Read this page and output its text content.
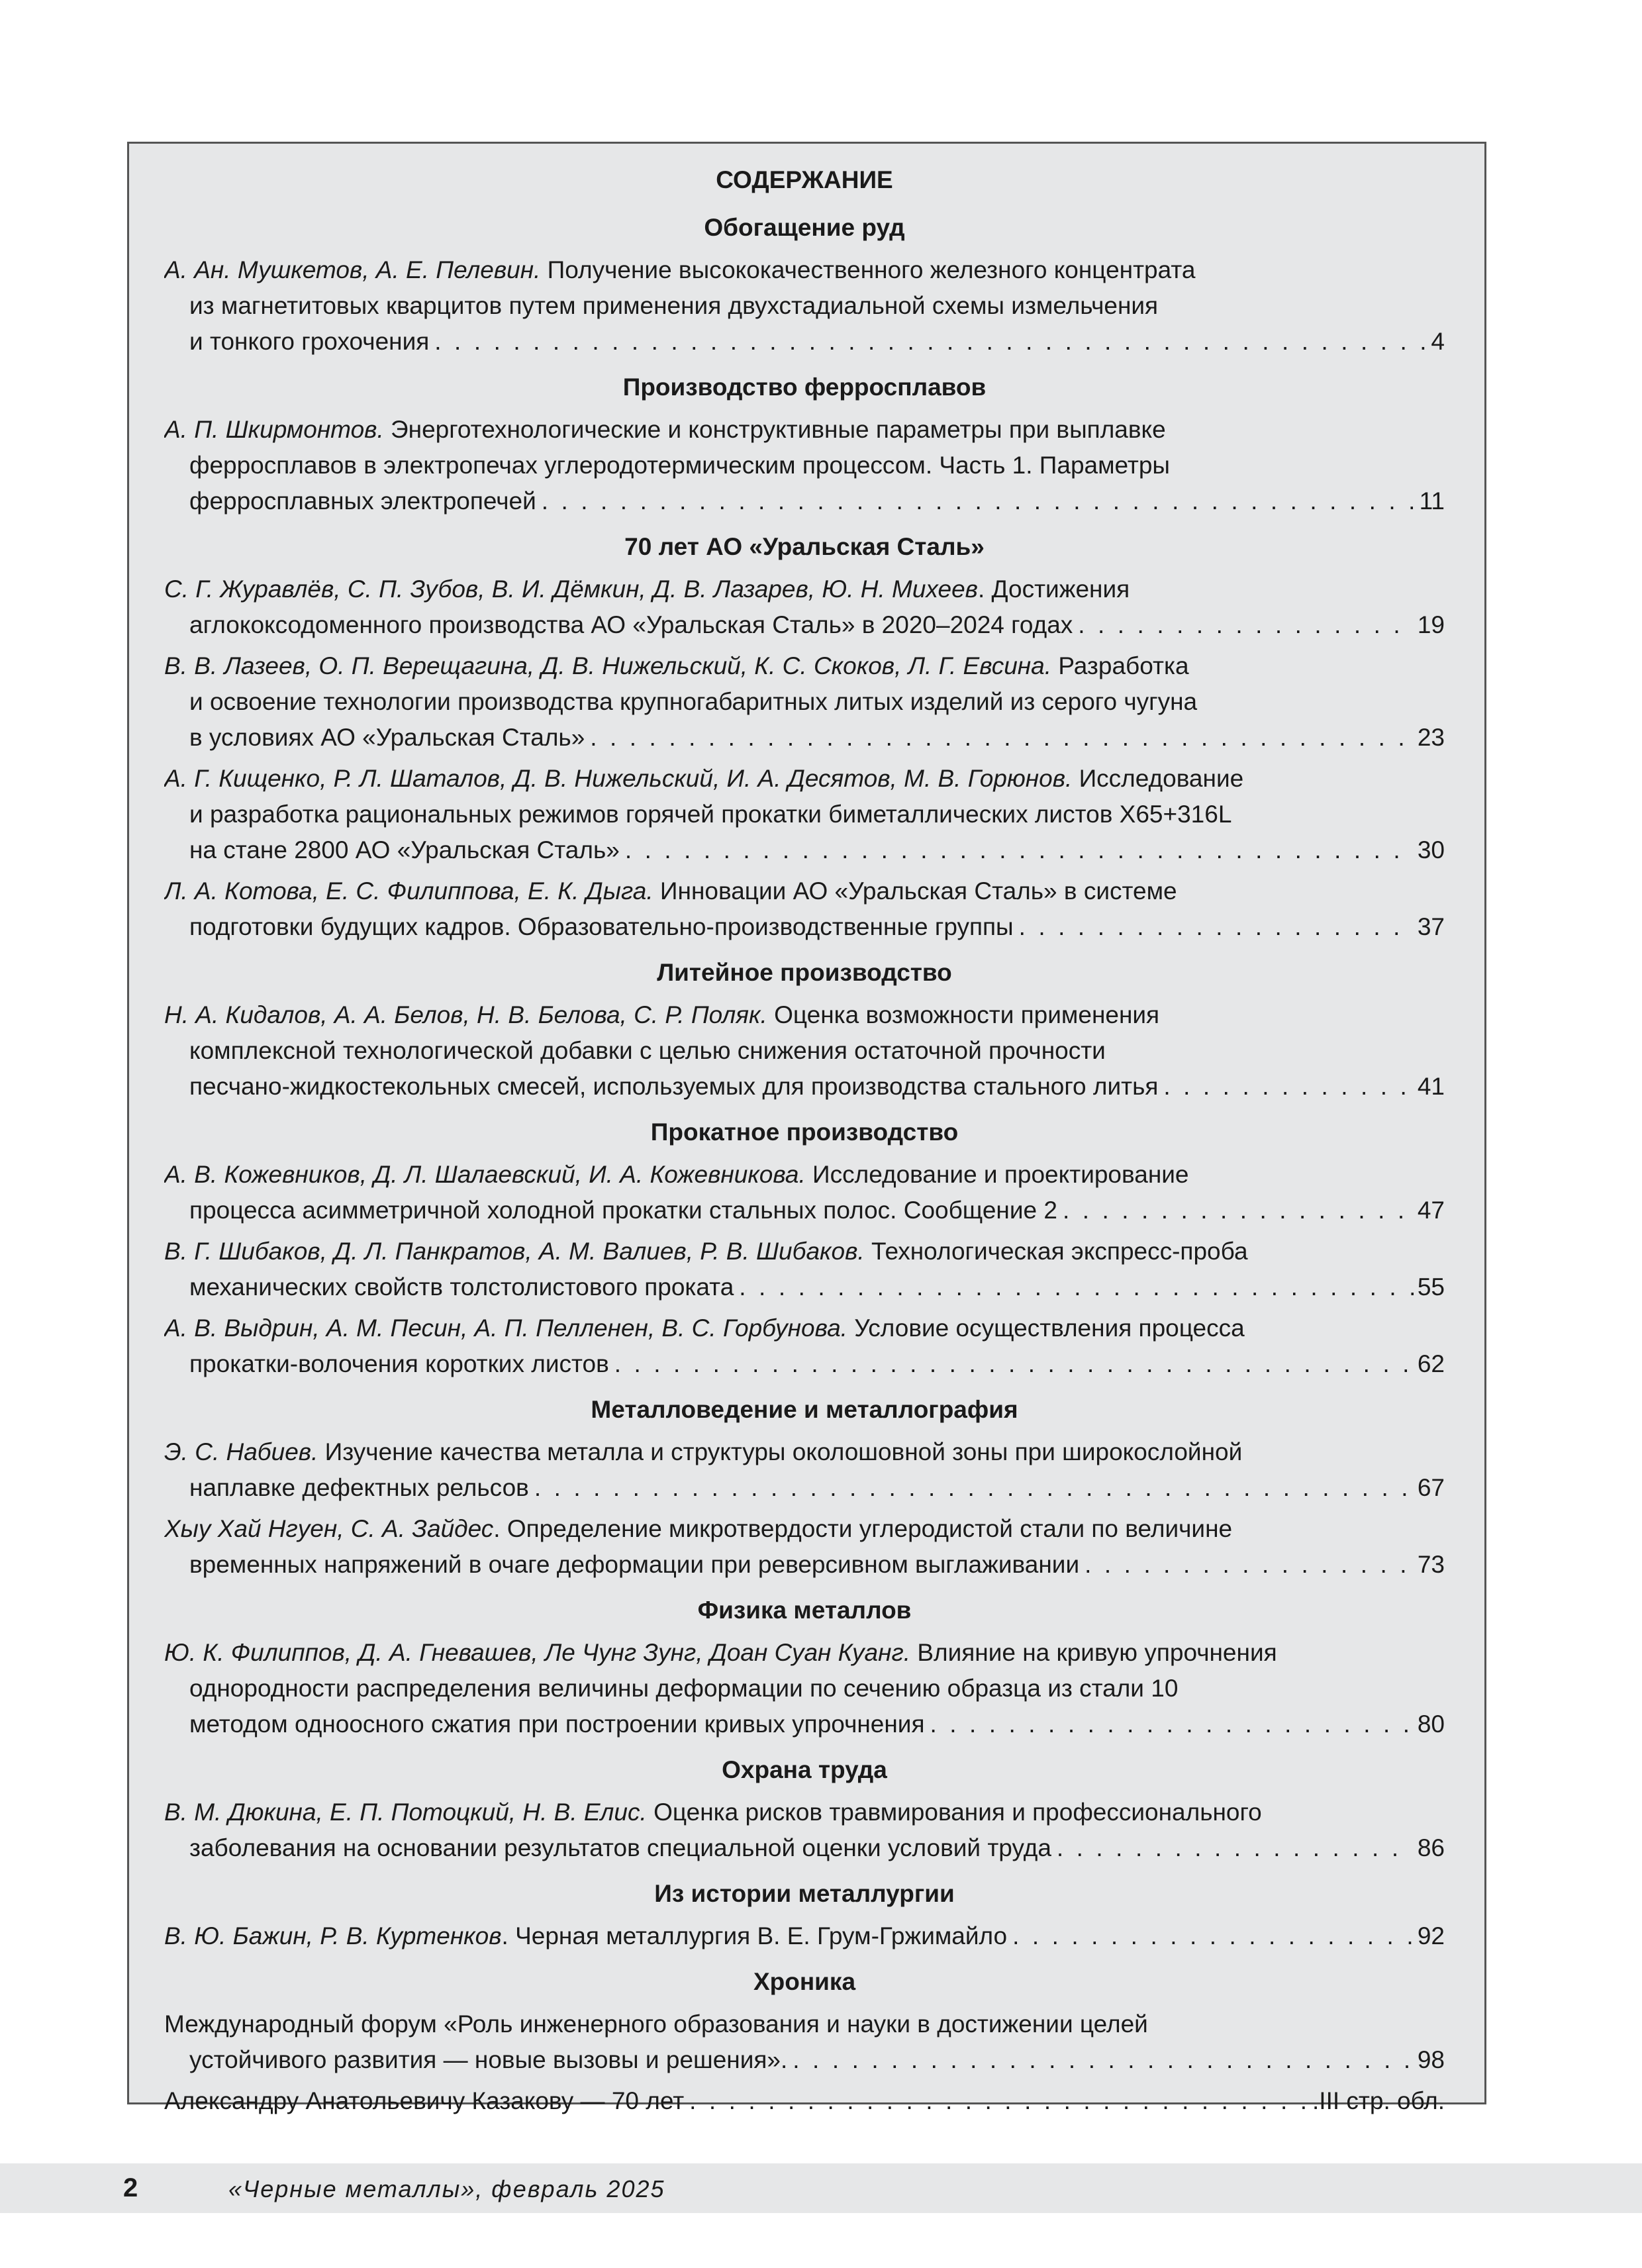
СОДЕРЖАНИЕ
Обогащение руд
А. Ан. Мушкетов, А. Е. Пелевин. Получение высококачественного железного концентрата
из магнетитовых кварцитов путем применения двухстадиальной схемы измельчения
и тонкого грохочения . . .	4
Производство ферросплавов
А. П. Шкирмонтов. Энерготехнологические и конструктивные параметры при выплавке
ферросплавов в электропечах углеродотермическим процессом. Часть 1. Параметры
ферросплавных электропечей . . .	11
70 лет АО «Уральская Сталь»
С. Г. Журавлёв, С. П. Зубов, В. И. Дёмкин, Д. В. Лазарев, Ю. Н. Михеев. Достижения
аглококсодоменного производства АО «Уральская Сталь» в 2020–2024 годах . . .	19
В. В. Лазеев, О. П. Верещагина, Д. В. Нижельский, К. С. Скоков, Л. Г. Евсина. Разработка
и освоение технологии производства крупногабаритных литых изделий из серого чугуна
в условиях АО «Уральская Сталь» . . .	23
А. Г. Кищенко, Р. Л. Шаталов, Д. В. Нижельский, И. А. Десятов, М. В. Горюнов. Исследование
и разработка рациональных режимов горячей прокатки биметаллических листов Х65+316L
на стане 2800 АО «Уральская Сталь» . . .	30
Л. А. Котова, Е. С. Филиппова, Е. К. Дыга. Инновации АО «Уральская Сталь» в системе
подготовки будущих кадров. Образовательно-производственные группы . . .	37
Литейное производство
Н. А. Кидалов, А. А. Белов, Н. В. Белова, С. Р. Поляк. Оценка возможности применения
комплексной технологической добавки с целью снижения остаточной прочности
песчано-жидкостекольных смесей, используемых для производства стального литья . . .	41
Прокатное производство
А. В. Кожевников, Д. Л. Шалаевский, И. А. Кожевникова. Исследование и проектирование
процесса асимметричной холодной прокатки стальных полос. Сообщение 2 . . .	47
В. Г. Шибаков, Д. Л. Панкратов, А. М. Валиев, Р. В. Шибаков. Технологическая экспресс-проба
механических свойств толстолистового проката . . .	55
А. В. Выдрин, А. М. Песин, А. П. Пелленен, В. С. Горбунова. Условие осуществления процесса
прокатки-волочения коротких листов . . .	62
Металловедение и металлография
Э. С. Набиев. Изучение качества металла и структуры околошовной зоны при широкослойной
наплавке дефектных рельсов . . .	67
Хыу Хай Нгуен, С. А. Зайдес. Определение микротвердости углеродистой стали по величине
временных напряжений в очаге деформации при реверсивном выглаживании . . .	73
Физика металлов
Ю. К. Филиппов, Д. А. Гневашев, Ле Чунг Зунг, Доан Суан Куанг. Влияние на кривую упрочнения
однородности распределения величины деформации по сечению образца из стали 10
методом одноосного сжатия при построении кривых упрочнения . . .	80
Охрана труда
В. М. Дюкина, Е. П. Потоцкий, Н. В. Елис. Оценка рисков травмирования и профессионального
заболевания на основании результатов специальной оценки условий труда . . .	86
Из истории металлургии
В. Ю. Бажин, Р. В. Куртенков. Черная металлургия В. Е. Грум-Гржимайло . . .	92
Хроника
Международный форум «Роль инженерного образования и науки в достижении целей
устойчивого развития — новые вызовы и решения». . . .	98
Александру Анатольевичу Казакову — 70 лет . . .	.III стр. обл.
2	«Черные металлы», февраль 2025
